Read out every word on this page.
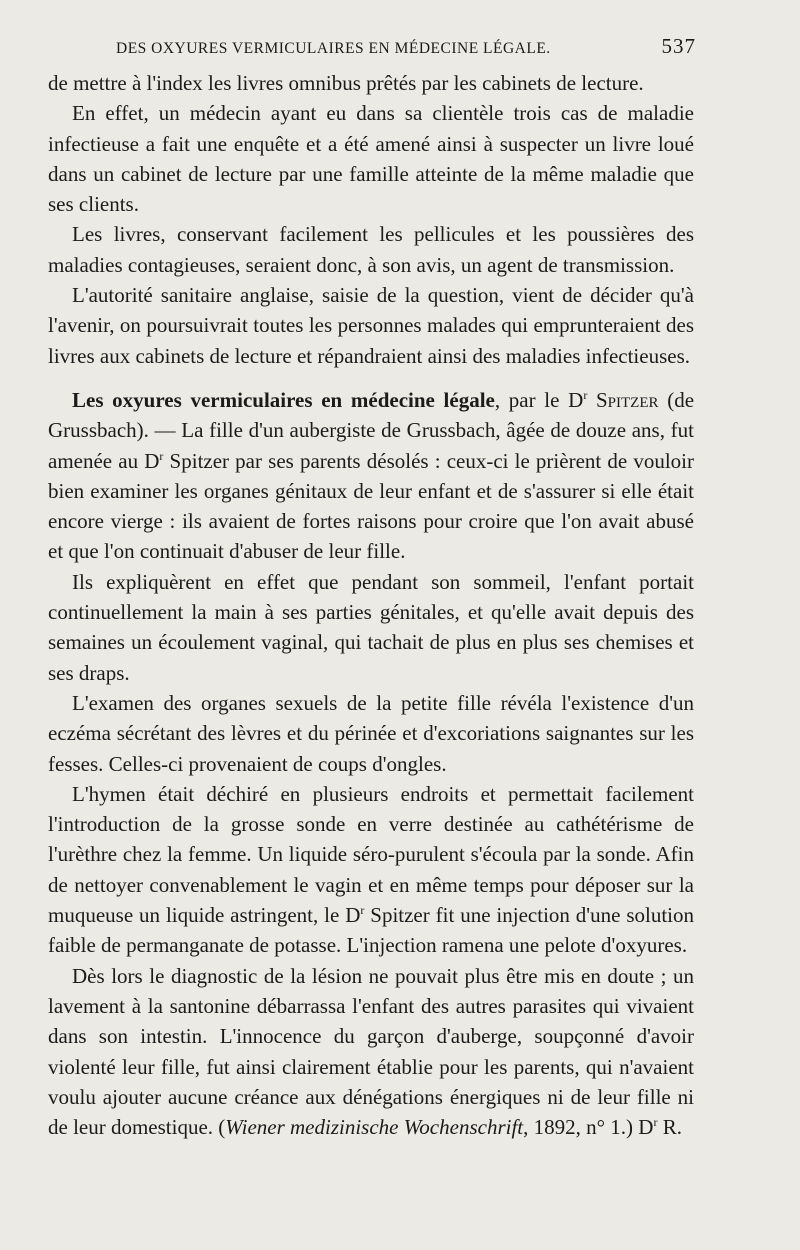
DES OXYURES VERMICULAIRES EN MÉDECINE LÉGALE.	537

de mettre à l'index les livres omnibus prêtés par les cabinets de lecture.

En effet, un médecin ayant eu dans sa clientèle trois cas de maladie infectieuse a fait une enquête et a été amené ainsi à suspecter un livre loué dans un cabinet de lecture par une famille atteinte de la même maladie que ses clients.

Les livres, conservant facilement les pellicules et les poussières des maladies contagieuses, seraient donc, à son avis, un agent de transmission.

L'autorité sanitaire anglaise, saisie de la question, vient de décider qu'à l'avenir, on poursuivrait toutes les personnes malades qui emprunteraient des livres aux cabinets de lecture et répandraient ainsi des maladies infectieuses.

Les oxyures vermiculaires en médecine légale, par le $D^r$ Spitzer (de Grussbach). — La fille d'un aubergiste de Grussbach, âgée de douze ans, fut amenée au $D^r$ Spitzer par ses parents désolés : ceux-ci le prièrent de vouloir bien examiner les organes génitaux de leur enfant et de s'assurer si elle était encore vierge : ils avaient de fortes raisons pour croire que l'on avait abusé et que l'on continuait d'abuser de leur fille.

Ils expliquèrent en effet que pendant son sommeil, l'enfant portait continuellement la main à ses parties génitales, et qu'elle avait depuis des semaines un écoulement vaginal, qui tachait de plus en plus ses chemises et ses draps.

L'examen des organes sexuels de la petite fille révéla l'existence d'un eczéma sécrétant des lèvres et du périnée et d'excoriations saignantes sur les fesses. Celles-ci provenaient de coups d'ongles.

L'hymen était déchiré en plusieurs endroits et permettait facilement l'introduction de la grosse sonde en verre destinée au cathétérisme de l'urèthre chez la femme. Un liquide séro-purulent s'écoula par la sonde. Afin de nettoyer convenablement le vagin et en même temps pour déposer sur la muqueuse un liquide astringent, le $D^r$ Spitzer fit une injection d'une solution faible de permanganate de potasse. L'injection ramena une pelote d'oxyures.

Dès lors le diagnostic de la lésion ne pouvait plus être mis en doute ; un lavement à la santonine débarrassa l'enfant des autres parasites qui vivaient dans son intestin. L'innocence du garçon d'auberge, soupçonné d'avoir violenté leur fille, fut ainsi clairement établie pour les parents, qui n'avaient voulu ajouter aucune créance aux dénégations énergiques ni de leur fille ni de leur domestique. (Wiener medizinische Wochenschrift, 1892, n° 1.) $D^r$ R.
